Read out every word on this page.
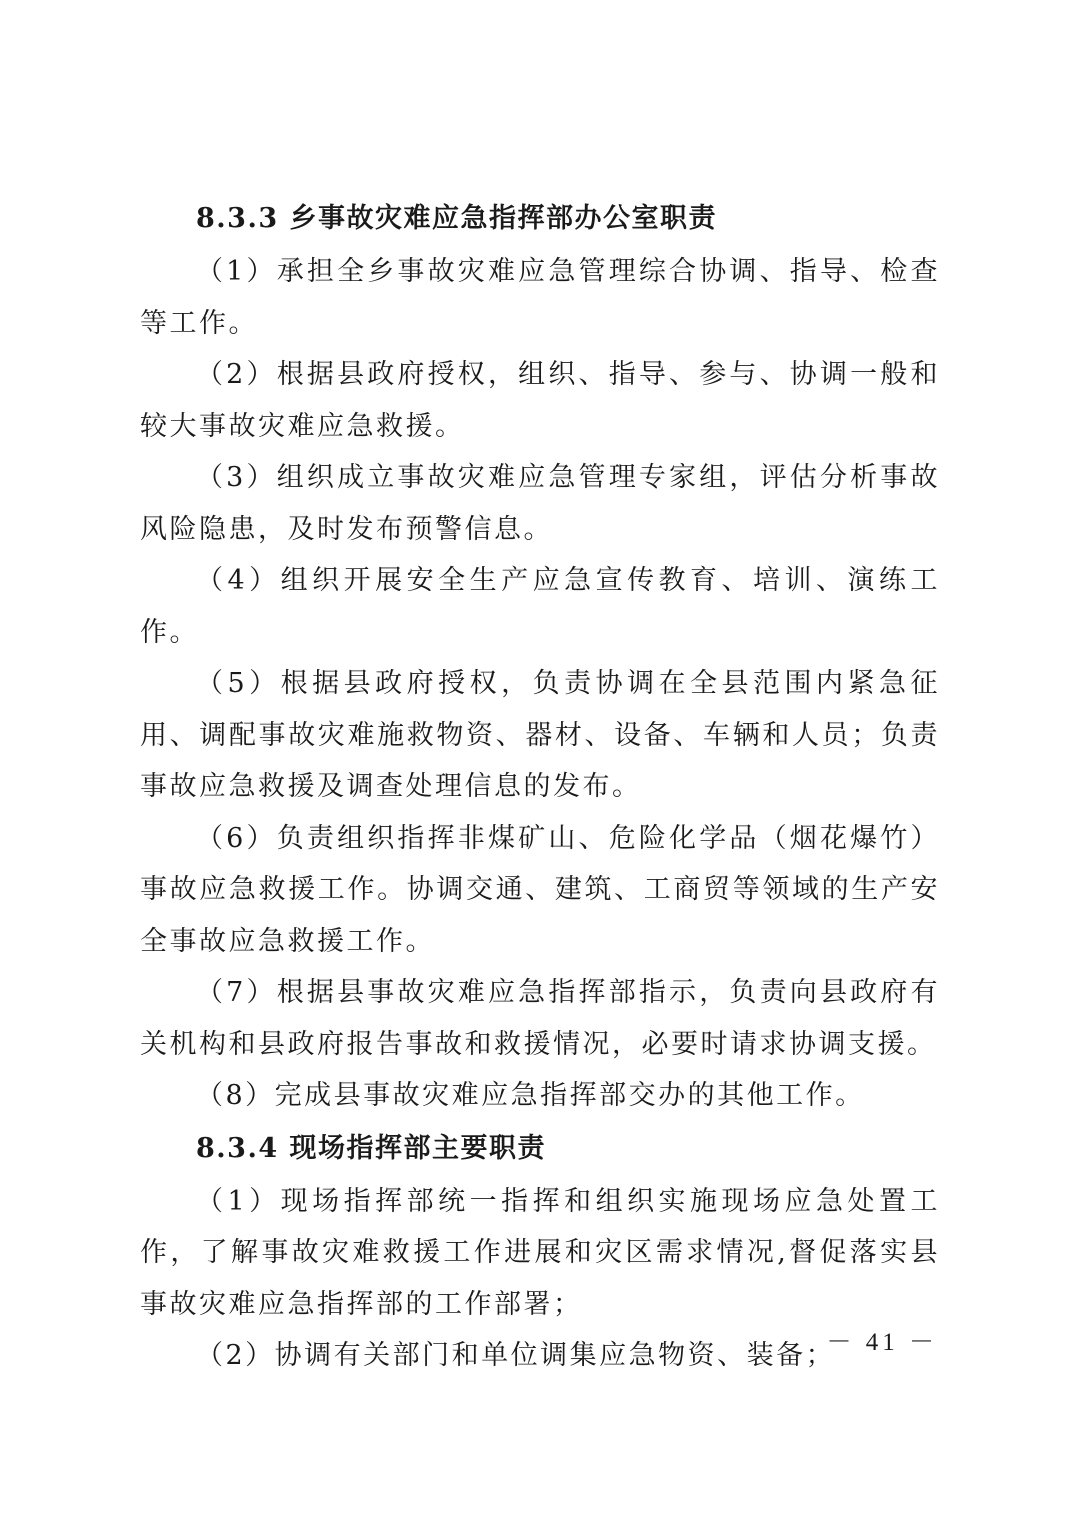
8.3.3 乡事故灾难应急指挥部办公室职责

（1）承担全乡事故灾难应急管理综合协调、指导、检查等工作。

（2）根据县政府授权，组织、指导、参与、协调一般和较大事故灾难应急救援。

（3）组织成立事故灾难应急管理专家组，评估分析事故风险隐患，及时发布预警信息。

（4）组织开展安全生产应急宣传教育、培训、演练工作。

（5）根据县政府授权，负责协调在全县范围内紧急征用、调配事故灾难施救物资、器材、设备、车辆和人员；负责事故应急救援及调查处理信息的发布。

（6）负责组织指挥非煤矿山、危险化学品（烟花爆竹）事故应急救援工作。协调交通、建筑、工商贸等领域的生产安全事故应急救援工作。

（7）根据县事故灾难应急指挥部指示，负责向县政府有关机构和县政府报告事故和救援情况，必要时请求协调支援。

（8）完成县事故灾难应急指挥部交办的其他工作。

8.3.4 现场指挥部主要职责

（1）现场指挥部统一指挥和组织实施现场应急处置工作，了解事故灾难救援工作进展和灾区需求情况,督促落实县事故灾难应急指挥部的工作部署；

（2）协调有关部门和单位调集应急物资、装备；

－ 41 －
